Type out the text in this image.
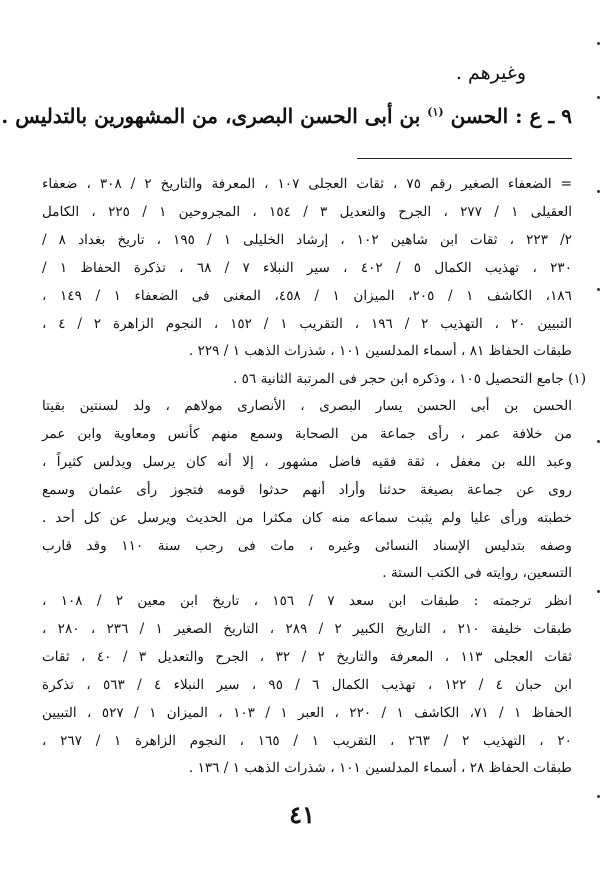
وغيرهم .
٩ ـ ع : الحسن $^{(١)}$ بن أبى الحسن البصرى، من المشهورين بالتدليس .
= الضعفاء الصغير رقم ٧٥ ، ثقات العجلى ١٠٧ ، المعرفة والتاريخ ٢ / ٣٠٨ ، ضعفاء
العقيلى ١ / ٢٧٧ ، الجرح والتعديل ٣ / ١٥٤ ، المجروحين ١ / ٢٢٥ ، الكامل
٢/ ٢٢٣ ، ثقات ابن شاهين ١٠٢ ، إرشاد الخليلى ١ / ١٩٥ ، تاريخ بغداد ٨ /
٢٣٠ ، تهذيب الكمال ٥ / ٤٠٢ ، سير النبلاء ٧ / ٦٨ ، تذكرة الحفاظ ١ /
١٨٦، الكاشف ١ / ٢٠٥، الميزان ١ / ٤٥٨، المغنى فى الضعفاء ١ / ١٤٩ ،
التبيين ٢٠ ، التهذيب ٢ / ١٩٦ ، التقريب ١ / ١٥٢ ، النجوم الزاهرة ٢ / ٤ ،
طبقات الحفاظ ٨١ ، أسماء المدلسين ١٠١ ، شذرات الذهب ١ / ٢٢٩ .
(١) جامع التحصيل ١٠٥ ، وذكره ابن حجر فى المرتبة الثانية ٥٦ .
الحسن بن أبى الحسن يسار البصرى ، الأنصارى مولاهم ، ولد لسنتين بقيتا
من خلافة عمر ، رأى جماعة من الصحابة وسمع منهم كأنس ومعاوية وابن عمر
وعبد الله بن مغفل ، ثقة فقيه فاضل مشهور ، إلا أنه كان يرسل ويدلس كثيراً ،
روى عن جماعة بصيغة حدثنا وأراد أنهم حدثوا قومه فتجوز رأى عثمان وسمع
خطبته ورأى عليا ولم يثبت سماعه منه كان مكثرا من الحديث ويرسل عن كل أحد .
وصفه بتدليس الإسناد النسائى وغيره ، مات فى رجب سنة ١١٠ وقد قارب
التسعين، روايته فى الكتب الستة .
انظر ترجمته : طبقات ابن سعد ٧ / ١٥٦ ، تاريخ ابن معين ٢ / ١٠٨ ،
طبقات خليفة ٢١٠ ، التاريخ الكبير ٢ / ٢٨٩ ، التاريخ الصغير ١ / ٢٣٦ ، ٢٨٠ ،
ثقات العجلى ١١٣ ، المعرفة والتاريخ ٢ / ٣٢ ، الجرح والتعديل ٣ / ٤٠ ، ثقات
ابن حبان ٤ / ١٢٢ ، تهذيب الكمال ٦ / ٩٥ ، سير النبلاء ٤ / ٥٦٣ ، تذكرة
الحفاظ ١ / ٧١، الكاشف ١ / ٢٢٠ ، العبر ١ / ١٠٣ ، الميزان ١ / ٥٢٧ ، التبيين
٢٠ ، التهذيب ٢ / ٢٦٣ ، التقريب ١ / ١٦٥ ، النجوم الزاهرة ١ / ٢٦٧ ،
طبقات الحفاظ ٢٨ ، أسماء المدلسين ١٠١ ، شذرات الذهب ١ / ١٣٦ .
٤١
